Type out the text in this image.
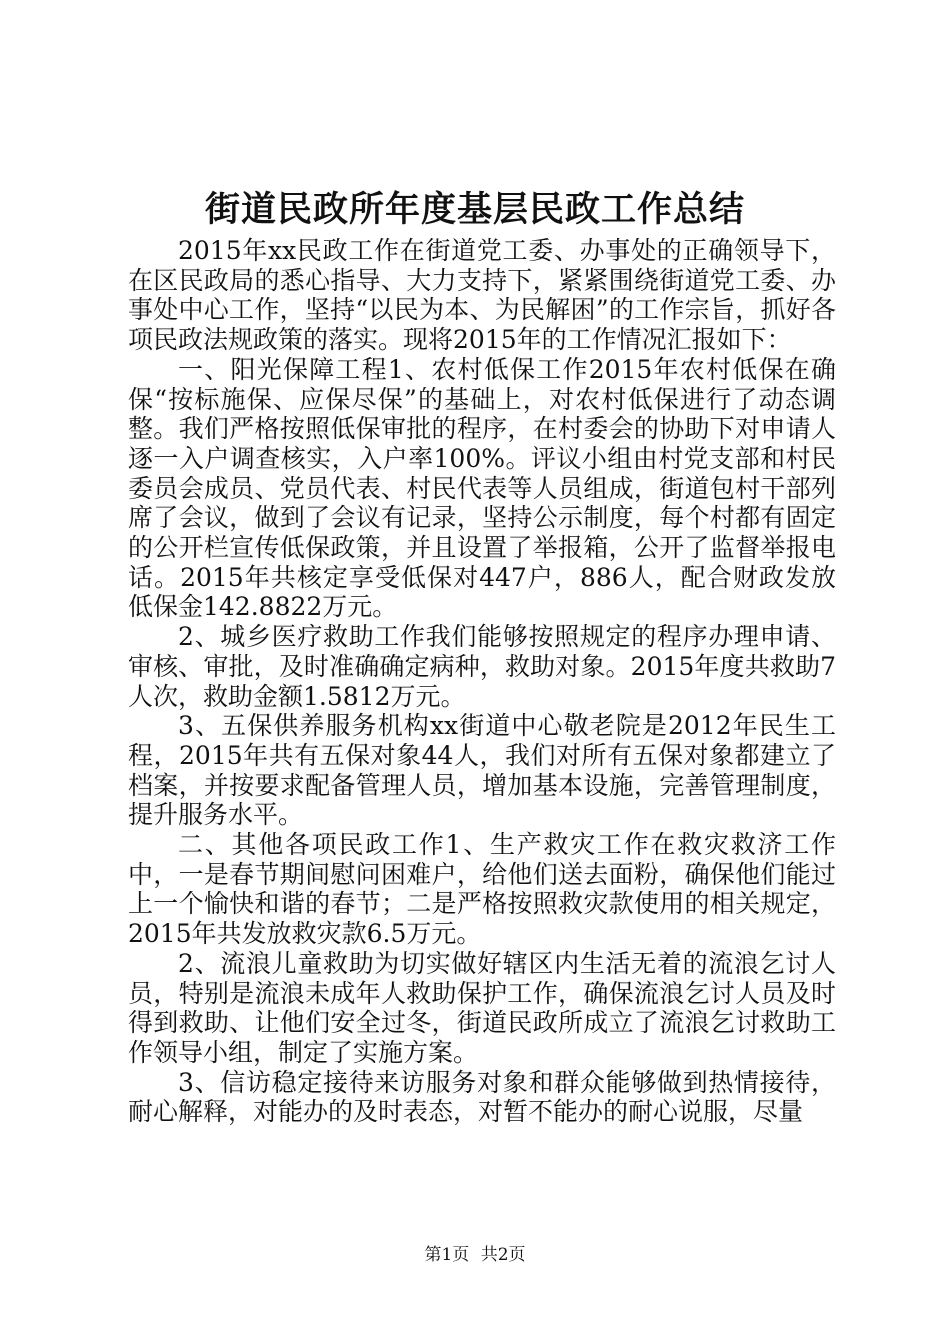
街道民政所年度基层民政工作总结

2015年xx民政工作在街道党工委、办事处的正确领导下，在区民政局的悉心指导、大力支持下，紧紧围绕街道党工委、办事处中心工作，坚持“以民为本、为民解困”的工作宗旨，抓好各项民政法规政策的落实。现将2015年的工作情况汇报如下：

一、阳光保障工程1、农村低保工作2015年农村低保在确保“按标施保、应保尽保”的基础上，对农村低保进行了动态调整。我们严格按照低保审批的程序，在村委会的协助下对申请人逐一入户调查核实，入户率100%。评议小组由村党支部和村民委员会成员、党员代表、村民代表等人员组成，街道包村干部列席了会议，做到了会议有记录，坚持公示制度，每个村都有固定的公开栏宣传低保政策，并且设置了举报箱，公开了监督举报电话。2015年共核定享受低保对447户，886人，配合财政发放低保金142.8822万元。

2、城乡医疗救助工作我们能够按照规定的程序办理申请、审核、审批，及时准确确定病种，救助对象。2015年度共救助7人次，救助金额1.5812万元。

3、五保供养服务机构xx街道中心敬老院是2012年民生工程，2015年共有五保对象44人，我们对所有五保对象都建立了档案，并按要求配备管理人员，增加基本设施，完善管理制度，提升服务水平。

二、其他各项民政工作1、生产救灾工作在救灾救济工作中，一是春节期间慰问困难户，给他们送去面粉，确保他们能过上一个愉快和谐的春节；二是严格按照救灾款使用的相关规定，2015年共发放救灾款6.5万元。

2、流浪儿童救助为切实做好辖区内生活无着的流浪乞讨人员，特别是流浪未成年人救助保护工作，确保流浪乞讨人员及时得到救助、让他们安全过冬，街道民政所成立了流浪乞讨救助工作领导小组，制定了实施方案。

3、信访稳定接待来访服务对象和群众能够做到热情接待，耐心解释，对能办的及时表态，对暂不能办的耐心说服，尽量

第1页 共2页
